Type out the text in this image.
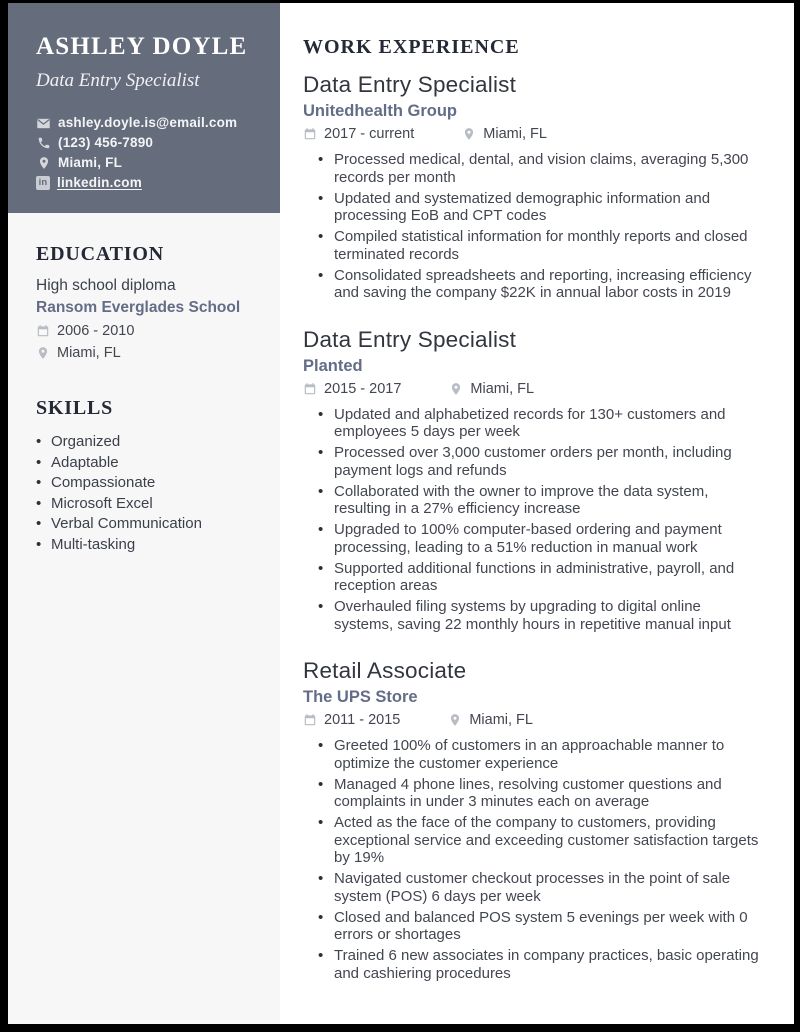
ASHLEY DOYLE

Data Entry Specialist

ashley.doyle.is@email.com
(123) 456-7890
Miami, FL
in linkedin.com
EDUCATION

High school diploma

Ransom Everglades School

2006 - 2010
Miami, FL
SKILLS
• Organized
• Adaptable
• Compassionate
• Microsoft Excel
• Verbal Communication
• Multi-tasking
WORK EXPERIENCE
Data Entry Specialist
Unitedhealth Group
2017 - current	Miami, FL
• Processed medical, dental, and vision claims, averaging 5,300 records per month
• Updated and systematized demographic information and processing EoB and CPT codes
• Compiled statistical information for monthly reports and closed terminated records
• Consolidated spreadsheets and reporting, increasing efficiency and saving the company $22K in annual labor costs in 2019
Data Entry Specialist
Planted
2015 - 2017	Miami, FL
• Updated and alphabetized records for 130+ customers and employees 5 days per week
• Processed over 3,000 customer orders per month, including payment logs and refunds
• Collaborated with the owner to improve the data system, resulting in a 27% efficiency increase
• Upgraded to 100% computer-based ordering and payment processing, leading to a 51% reduction in manual work
• Supported additional functions in administrative, payroll, and reception areas
• Overhauled filing systems by upgrading to digital online systems, saving 22 monthly hours in repetitive manual input
Retail Associate
The UPS Store
2011 - 2015	Miami, FL
• Greeted 100% of customers in an approachable manner to optimize the customer experience
• Managed 4 phone lines, resolving customer questions and complaints in under 3 minutes each on average
• Acted as the face of the company to customers, providing exceptional service and exceeding customer satisfaction targets by 19%
• Navigated customer checkout processes in the point of sale system (POS) 6 days per week
• Closed and balanced POS system 5 evenings per week with 0 errors or shortages
• Trained 6 new associates in company practices, basic operating and cashiering procedures
